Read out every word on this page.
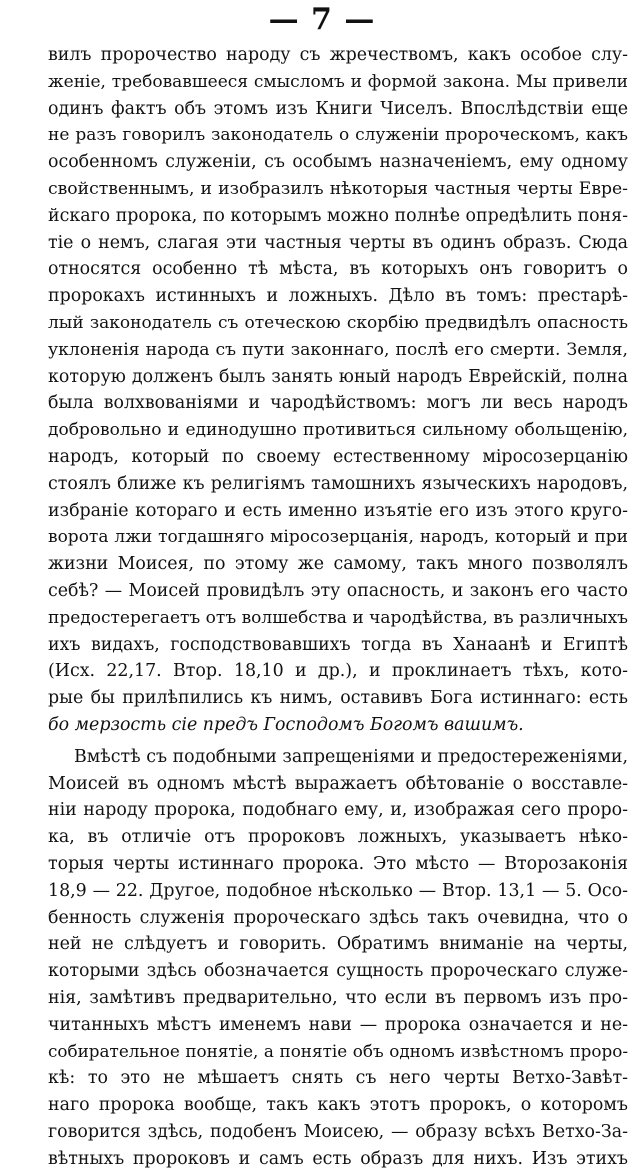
— 7 —
вилъ пророчество народу съ жречествомъ, какъ особое слу-
женіе, требовавшееся смысломъ и формой закона. Мы привели
одинъ фактъ объ этомъ изъ Книги Чиселъ. Впослѣдствіи еще
не разъ говорилъ законодатель о служеніи пророческомъ, какъ
особенномъ служеніи, съ особымъ назначеніемъ, ему одному
свойственнымъ, и изобразилъ нѣкоторыя частныя черты Евре-
йскаго пророка, по которымъ можно полнѣе опредѣлить поня-
тіе о немъ, слагая эти частныя черты въ одинъ образъ. Сюда
относятся особенно тѣ мѣста, въ которыхъ онъ говоритъ о
пророкахъ истинныхъ и ложныхъ. Дѣло въ томъ: престарѣ-
лый законодатель съ отеческою скорбію предвидѣлъ опасность
уклоненія народа съ пути законнаго, послѣ его смерти. Земля,
которую долженъ былъ занять юный народъ Еврейскій, полна
была волхвованіями и чародѣйствомъ: могъ ли весь народъ
добровольно и единодушно противиться сильному обольщенію,
народъ, который по своему естественному міросозерцанію
стоялъ ближе къ религіямъ тамошнихъ языческихъ народовъ,
избраніе котораго и есть именно изъятіе его изъ этого круго-
ворота лжи тогдашняго міросозерцанія, народъ, который и при
жизни Моисея, по этому же самому, такъ много позволялъ
себѣ? — Моисей провидѣлъ эту опасность, и законъ его часто
предостерегаетъ отъ волшебства и чародѣйства, въ различныхъ
ихъ видахъ, господствовавшихъ тогда въ Ханаанѣ и Египтѣ
(Исх. 22,17. Втор. 18,10 и др.), и проклинаетъ тѣхъ, кото-
рые бы прилѣпились къ нимъ, оставивъ Бога истиннаго: есть
бо мерзость сіе предъ Господомъ Богомъ вашимъ.
Вмѣстѣ съ подобными запрещеніями и предостереженіями,
Моисей въ одномъ мѣстѣ выражаетъ обѣтованіе о восставле-
ніи народу пророка, подобнаго ему, и, изображая сего проро-
ка, въ отличіе отъ пророковъ ложныхъ, указываетъ нѣко-
торыя черты истиннаго пророка. Это мѣсто — Второзаконія
18,9 — 22. Другое, подобное нѣсколько — Втор. 13,1 — 5. Осо-
бенность служенія пророческаго здѣсь такъ очевидна, что о
ней не слѣдуетъ и говорить. Обратимъ вниманіе на черты,
которыми здѣсь обозначается сущность пророческаго служе-
нія, замѣтивъ предварительно, что если въ первомъ изъ про-
читанныхъ мѣстъ именемъ нави — пророка означается и не-
собирательное понятіе, а понятіе объ одномъ извѣстномъ проро-
кѣ: то это не мѣшаетъ снять съ него черты Ветхо-Завѣт-
наго пророка вообще, такъ какъ этотъ пророкъ, о которомъ
говорится здѣсь, подобенъ Моисею, — образу всѣхъ Ветхо-За-
вѣтныхъ пророковъ и самъ есть образъ для нихъ. Изъ этихъ
